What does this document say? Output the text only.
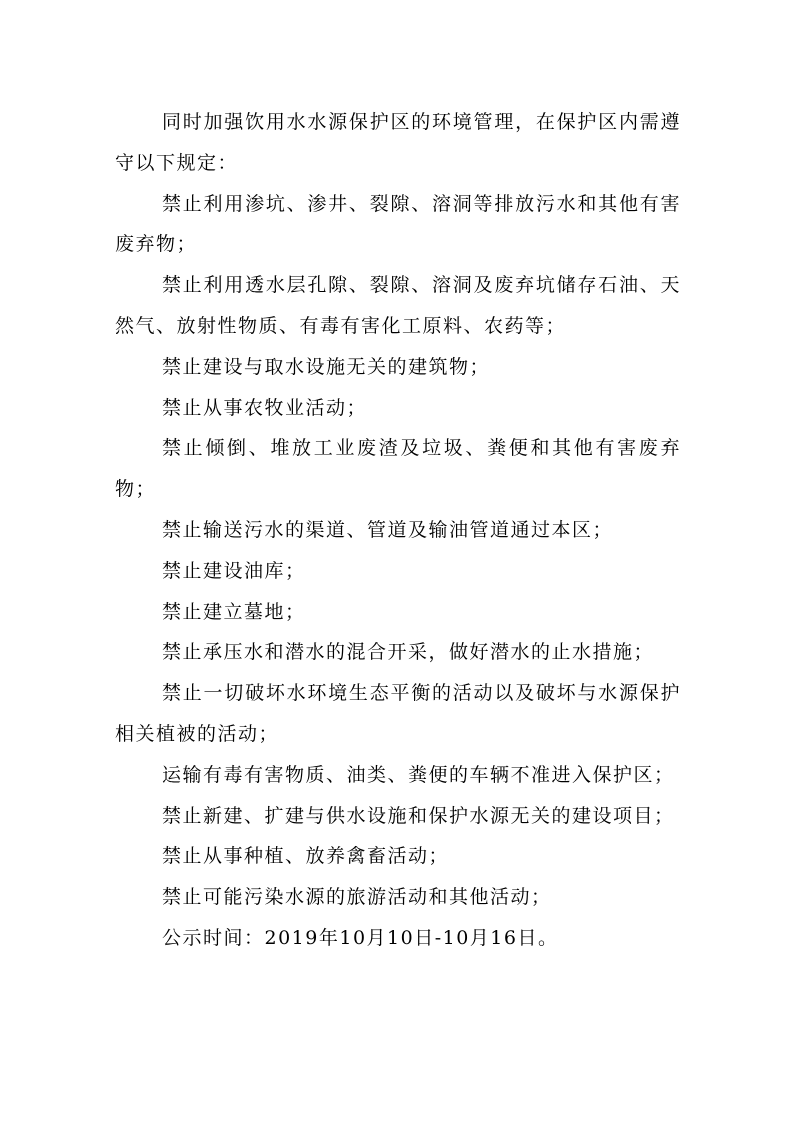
同时加强饮用水水源保护区的环境管理，在保护区内需遵守以下规定：

禁止利用渗坑、渗井、裂隙、溶洞等排放污水和其他有害废弃物；

禁止利用透水层孔隙、裂隙、溶洞及废弃坑储存石油、天然气、放射性物质、有毒有害化工原料、农药等；

禁止建设与取水设施无关的建筑物；

禁止从事农牧业活动；

禁止倾倒、堆放工业废渣及垃圾、粪便和其他有害废弃物；

禁止输送污水的渠道、管道及输油管道通过本区；

禁止建设油库；

禁止建立墓地；

禁止承压水和潜水的混合开采，做好潜水的止水措施；

禁止一切破坏水环境生态平衡的活动以及破坏与水源保护相关植被的活动；

运输有毒有害物质、油类、粪便的车辆不准进入保护区；

禁止新建、扩建与供水设施和保护水源无关的建设项目；

禁止从事种植、放养禽畜活动；

禁止可能污染水源的旅游活动和其他活动；

公示时间：2019年10月10日-10月16日。
